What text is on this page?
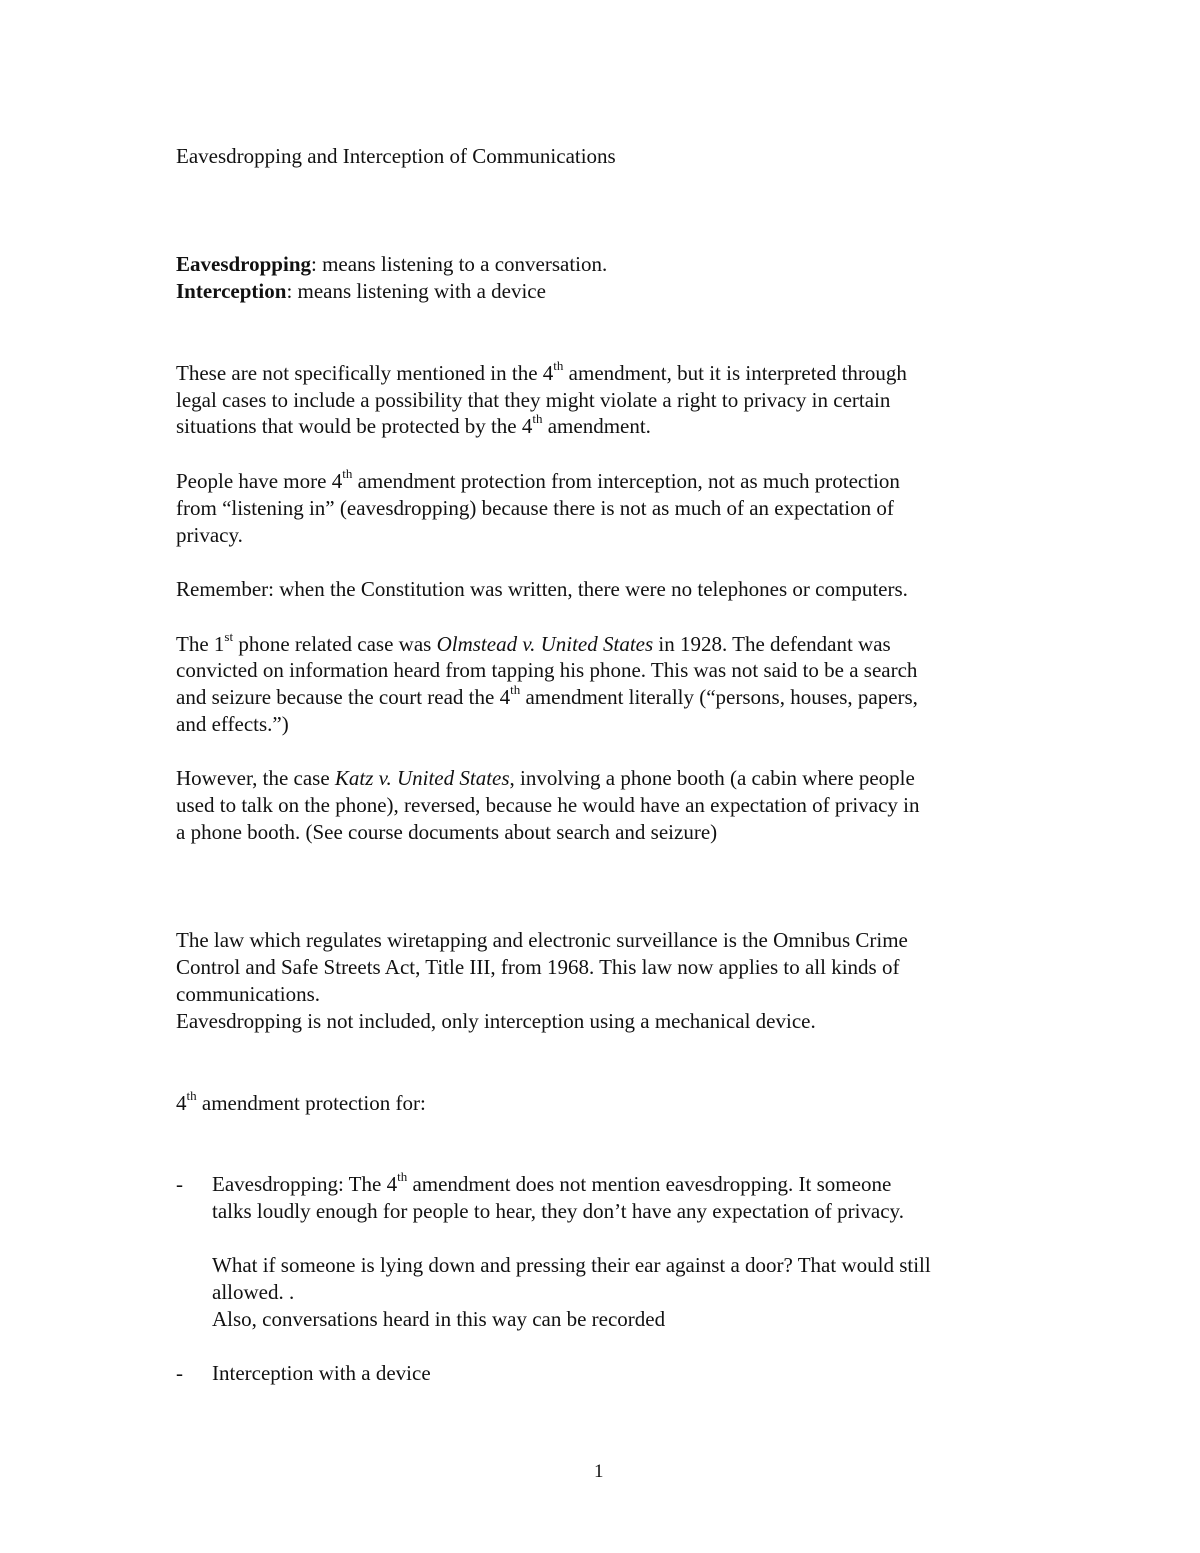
Eavesdropping and Interception of Communications
Eavesdropping: means listening to a conversation.
Interception: means listening with a device
These are not specifically mentioned in the 4th amendment, but it is interpreted through
legal cases to include a possibility that they might violate a right to privacy in certain
situations that would be protected by the 4th amendment.
People have more 4th amendment protection from interception, not as much protection
from “listening in” (eavesdropping) because there is not as much of an expectation of
privacy.
Remember: when the Constitution was written, there were no telephones or computers.
The 1st phone related case was Olmstead v. United States in 1928. The defendant was
convicted on information heard from tapping his phone. This was not said to be a search
and seizure because the court read the 4th amendment literally (“persons, houses, papers,
and effects.”)
However, the case Katz v. United States, involving a phone booth (a cabin where people
used to talk on the phone), reversed, because he would have an expectation of privacy in
a phone booth. (See course documents about search and seizure)
The law which regulates wiretapping and electronic surveillance is the Omnibus Crime
Control and Safe Streets Act, Title III, from 1968. This law now applies to all kinds of
communications.
Eavesdropping is not included, only interception using a mechanical device.
4th amendment protection for:
- Eavesdropping: The 4th amendment does not mention eavesdropping. It someone
talks loudly enough for people to hear, they don’t have any expectation of privacy.
What if someone is lying down and pressing their ear against a door? That would still
allowed. .
Also, conversations heard in this way can be recorded
- Interception with a device
1
